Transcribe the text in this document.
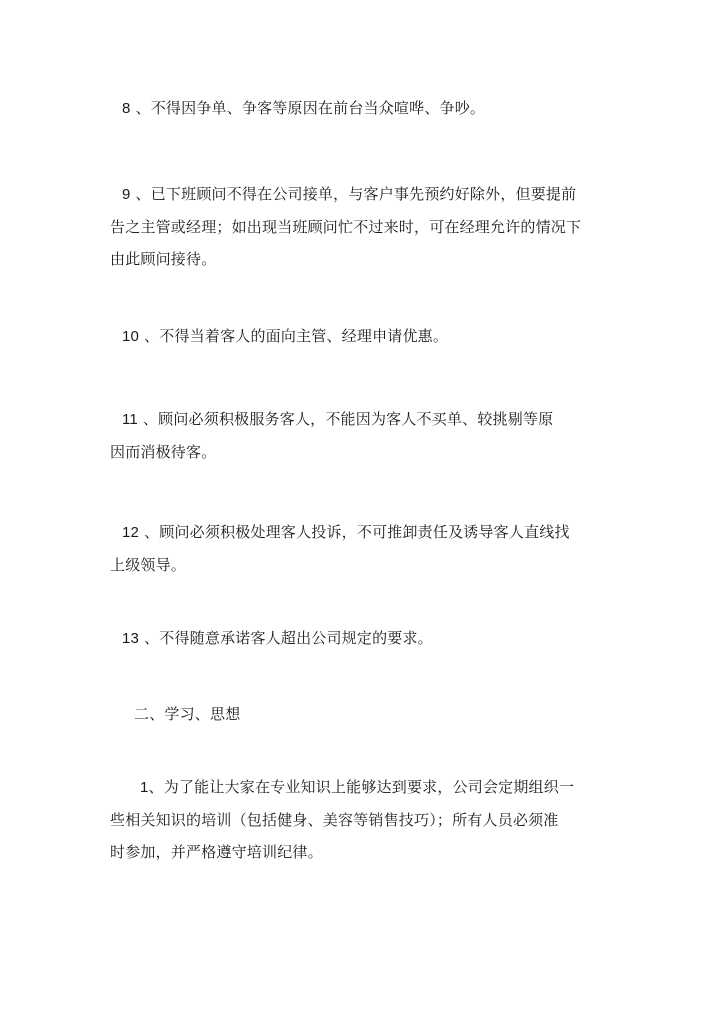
8 、不得因争单、争客等原因在前台当众喧哗、争吵。
9 、已下班顾问不得在公司接单，与客户事先预约好除外，但要提前
告之主管或经理；如出现当班顾问忙不过来时，可在经理允许的情况下
由此顾问接待。
10 、不得当着客人的面向主管、经理申请优惠。
11 、顾问必须积极服务客人，不能因为客人不买单、较挑剔等原
因而消极待客。
12 、顾问必须积极处理客人投诉，不可推卸责任及诱导客人直线找
上级领导。
13 、不得随意承诺客人超出公司规定的要求。
二、学习、思想
1、为了能让大家在专业知识上能够达到要求，公司会定期组织一
些相关知识的培训（包括健身、美容等销售技巧）；所有人员必须准
时参加，并严格遵守培训纪律。
